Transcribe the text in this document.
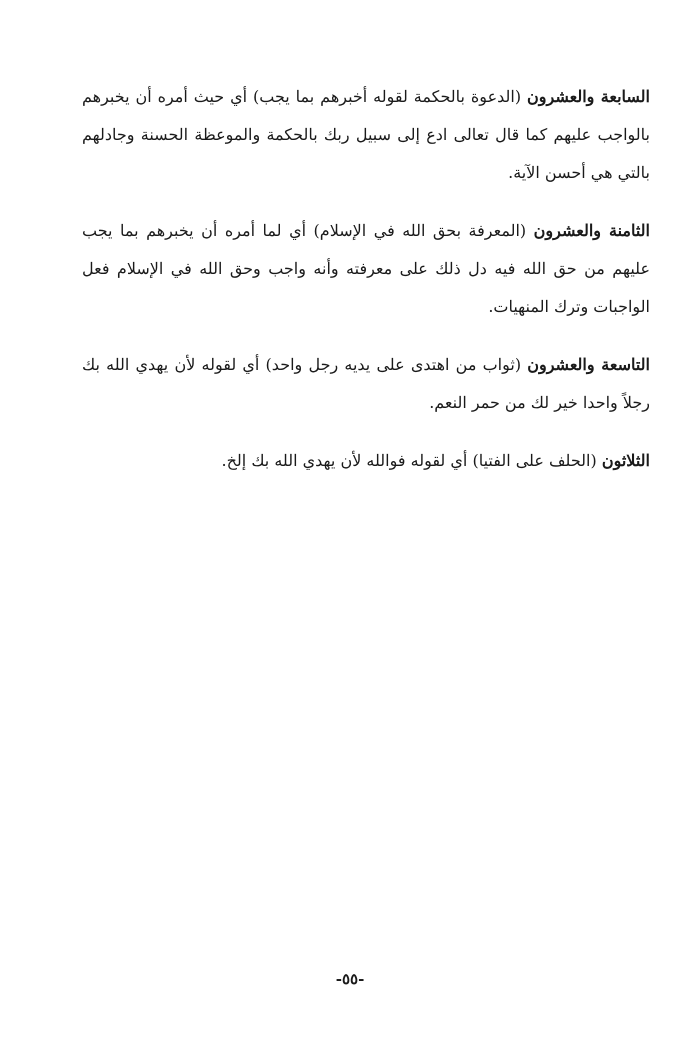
السابعة والعشرون (الدعوة بالحكمة لقوله أخبرهم بما يجب) أي حيث أمره أن يخبرهم بالواجب عليهم كما قال تعالى ادع إلى سبيل ربك بالحكمة والموعظة الحسنة وجادلهم بالتي هي أحسن الآية.

الثامنة والعشرون (المعرفة بحق الله في الإسلام) أي لما أمره أن يخبرهم بما يجب عليهم من حق الله فيه دل ذلك على معرفته وأنه واجب وحق الله في الإسلام فعل الواجبات وترك المنهيات.

التاسعة والعشرون (ثواب من اهتدى على يديه رجل واحد) أي لقوله لأن يهدي الله بك رجلاً واحدا خير لك من حمر النعم.

الثلاثون (الحلف على الفتيا) أي لقوله فوالله لأن يهدي الله بك إلخ.

-٥٥-
